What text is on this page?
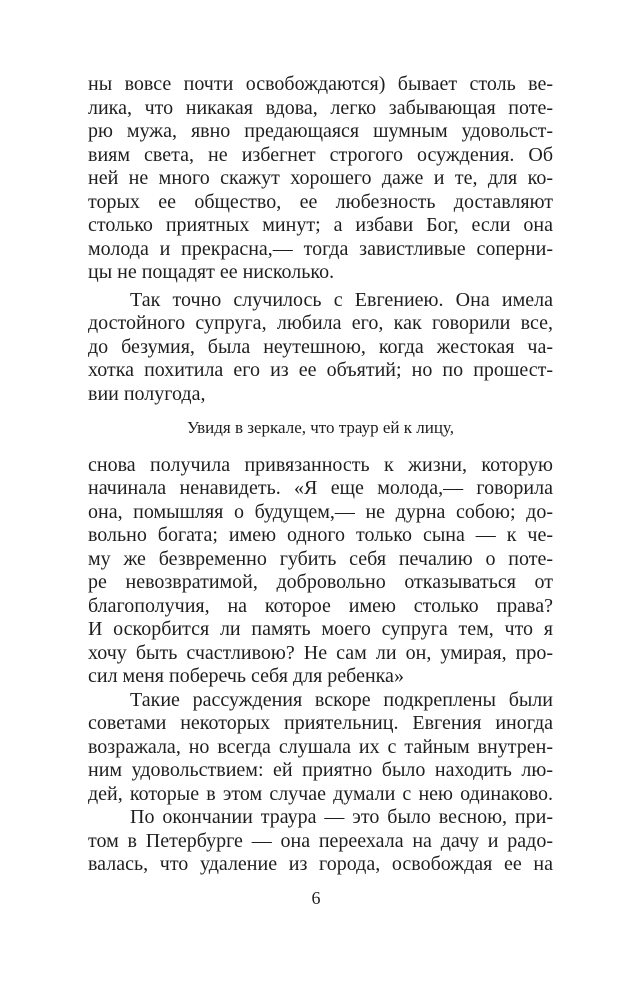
ны вовсе почти освобождаются) бывает столь ве-
лика, что никакая вдова, легко забывающая поте-
рю мужа, явно предающаяся шумным удовольст-
виям света, не избегнет строгого осуждения. Об
ней не много скажут хорошего даже и те, для ко-
торых ее общество, ее любезность доставляют
столько приятных минут; а избави Бог, если она
молода и прекрасна,— тогда завистливые соперни-
цы не пощадят ее нисколько.
Так точно случилось с Евгениею. Она имела
достойного супруга, любила его, как говорили все,
до безумия, была неутешною, когда жестокая ча-
хотка похитила его из ее объятий; но по прошест-
вии полугода,
Увидя в зеркале, что траур ей к лицу,
снова получила привязанность к жизни, которую
начинала ненавидеть. «Я еще молода,— говорила
она, помышляя о будущем,— не дурна собою; до-
вольно богата; имею одного только сына — к че-
му же безвременно губить себя печалию о поте-
ре невозвратимой, добровольно отказываться от
благополучия, на которое имею столько права?
И оскорбится ли память моего супруга тем, что я
хочу быть счастливою? Не сам ли он, умирая, про-
сил меня поберечь себя для ребенка»
Такие рассуждения вскоре подкреплены были
советами некоторых приятельниц. Евгения иногда
возражала, но всегда слушала их с тайным внутрен-
ним удовольствием: ей приятно было находить лю-
дей, которые в этом случае думали с нею одинаково.
По окончании траура — это было весною, при-
том в Петербурге — она переехала на дачу и радо-
валась, что удаление из города, освобождая ее на
6
